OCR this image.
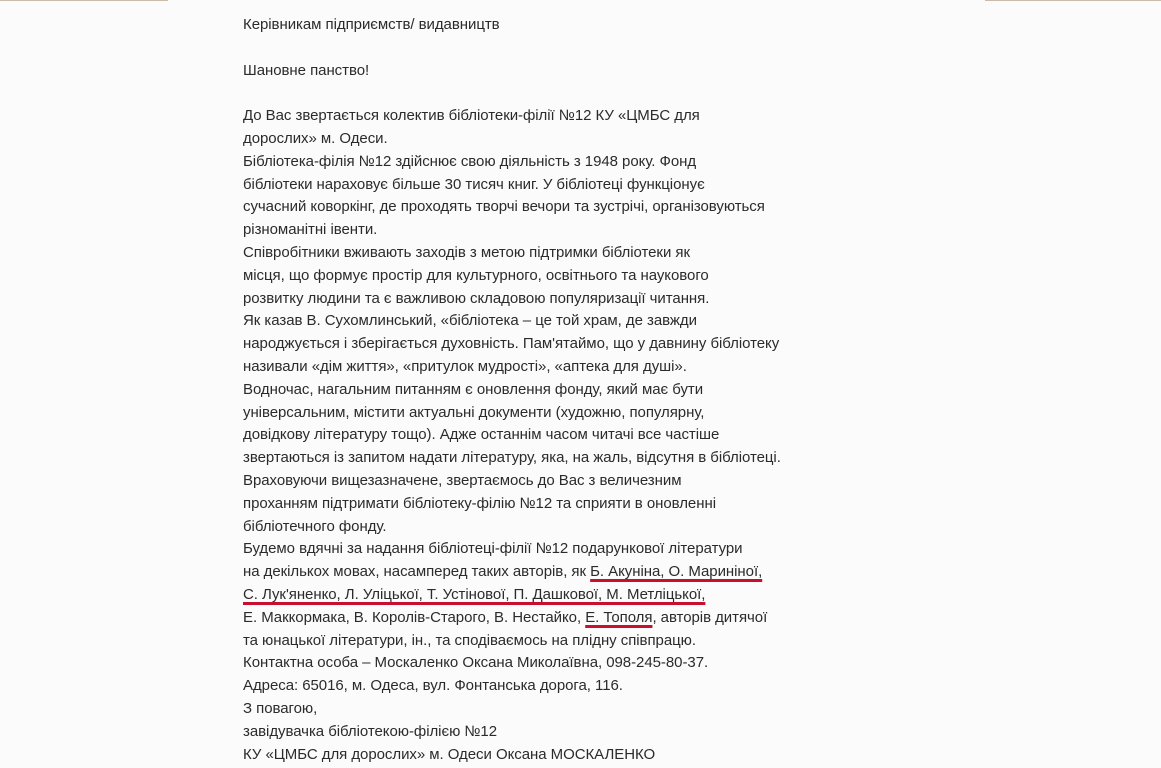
Керівникам підприємств/ видавництв
Шановне панство!
До Вас звертається колектив бібліотеки-філії №12 КУ «ЦМБС для
дорослих» м. Одеси.
Бібліотека-філія №12 здійснює свою діяльність з 1948 року. Фонд
бібліотеки нараховує більше 30 тисяч книг. У бібліотеці функціонує
сучасний коворкінг, де проходять творчі вечори та зустрічі, організовуються
різноманітні івенти.
Співробітники вживають заходів з метою підтримки бібліотеки як
місця, що формує простір для культурного, освітнього та наукового
розвитку людини та є важливою складовою популяризації читання.
Як казав В. Сухомлинський, «бібліотека – це той храм, де завжди
народжується і зберігається духовність. Пам'ятаймо, що у давнину бібліотеку
називали «дім життя», «притулок мудрості», «аптека для душі».
Водночас, нагальним питанням є оновлення фонду, який має бути
універсальним, містити актуальні документи (художню, популярну,
довідкову літературу тощо). Адже останнім часом читачі все частіше
звертаються із запитом надати літературу, яка, на жаль, відсутня в бібліотеці.
Враховуючи вищезазначене, звертаємось до Вас з величезним
проханням підтримати бібліотеку-філію №12 та сприяти в оновленні
бібліотечного фонду.
Будемо вдячні за надання бібліотеці-філії №12 подарункової літератури
на декількох мовах, насамперед таких авторів, як Б. Акуніна, О. Мариніної,
С. Лук'яненко, Л. Уліцької, Т. Устінової, П. Дашкової, М. Метліцької,
Е. Маккормака, В. Королів-Старого, В. Нестайко, Е. Тополя, авторів дитячої
та юнацької літератури, ін., та сподіваємось на плідну співпрацю.
Контактна особа – Москаленко Оксана Миколаївна, 098-245-80-37.
Адреса: 65016, м. Одеса, вул. Фонтанська дорога, 116.
З повагою,
завідувачка бібліотекою-філією №12
КУ «ЦМБС для дорослих» м. Одеси Оксана МОСКАЛЕНКО
